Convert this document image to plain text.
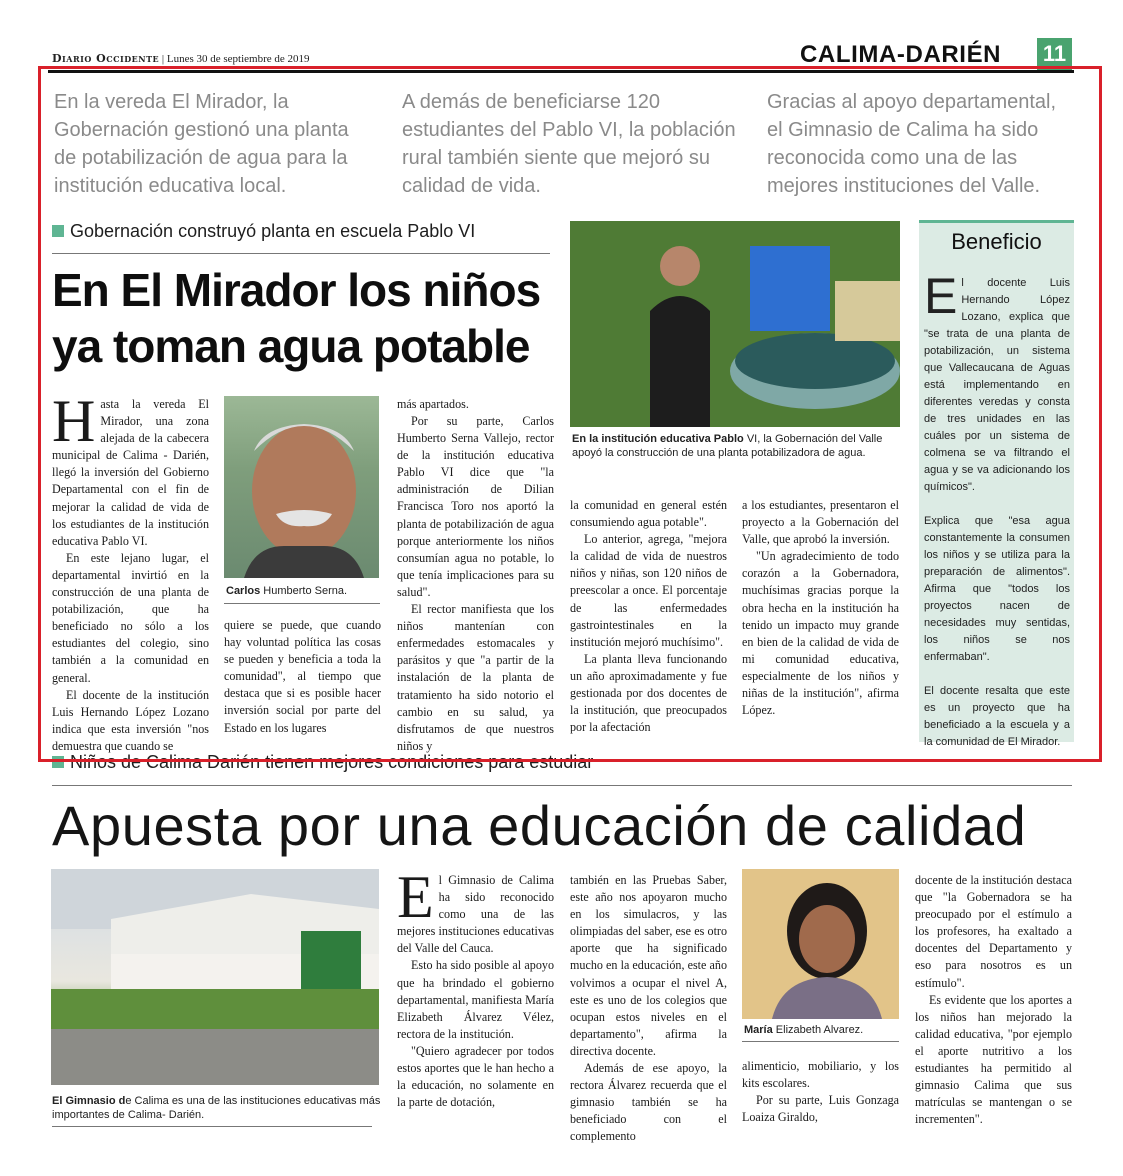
Diario Occidente | Lunes 30 de septiembre de 2019	CALIMA-DARIÉN 11
En la vereda El Mirador, la Gobernación gestionó una planta de potabilización de agua para la institución educativa local.
A demás de beneficiarse 120 estudiantes del Pablo VI, la población rural también siente que mejoró su calidad de vida.
Gracias al apoyo departamental, el Gimnasio de Calima ha sido reconocida como una de las mejores instituciones del Valle.
Gobernación construyó planta en escuela Pablo VI
En El Mirador los niños ya toman agua potable

Hasta la vereda El Mirador, una zona alejada de la cabecera municipal de Calima - Darién, llegó la inversión del Gobierno Departamental con el fin de mejorar la calidad de vida de los estudiantes de la institución educativa Pablo VI.

En este lejano lugar, el departamental invirtió en la construcción de una planta de potabilización, que ha beneficiado no sólo a los estudiantes del colegio, sino también a la comunidad en general.

El docente de la institución Luis Hernando López Lozano indica que esta inversión "nos demuestra que cuando se

Carlos Humberto Serna.

más apartados.

quiere se puede, que cuando hay voluntad política las cosas se pueden y beneficia a toda la comunidad", al tiempo que destaca que si es posible hacer inversión social por parte del Estado en los lugares

Por su parte, Carlos Humberto Serna Vallejo, rector de la institución educativa Pablo VI dice que "la administración de Dilian Francisca Toro nos aportó la planta de potabilización de agua porque anteriormente los niños consumían agua no potable, lo que tenía implicaciones para su salud".

El rector manifiesta que los niños mantenían con enfermedades estomacales y parásitos y que "a partir de la instalación de la planta de tratamiento ha sido notorio el cambio en su salud, ya disfrutamos de que nuestros niños y

En la institución educativa Pablo VI, la Gobernación del Valle apoyó la construcción de una planta potabilizadora de agua.

la comunidad en general estén consumiendo agua potable".

Lo anterior, agrega, "mejora la calidad de vida de nuestros niños y niñas, son 120 niños de preescolar a once. El porcentaje de las enfermedades gastrointestinales en la institución mejoró muchísimo".

La planta lleva funcionando un año aproximadamente y fue gestionada por dos docentes de la institución, que preocupados por la afectación

a los estudiantes, presentaron el proyecto a la Gobernación del Valle, que aprobó la inversión.

"Un agradecimiento de todo corazón a la Gobernadora, muchísimas gracias porque la obra hecha en la institución ha tenido un impacto muy grande en bien de la calidad de vida de mi comunidad educativa, especialmente de los niños y niñas de la institución", afirma López.

Beneficio

El docente Luis Hernando López Lozano, explica que "se trata de una planta de potabilización, un sistema que Vallecaucana de Aguas está implementando en diferentes veredas y consta de tres unidades en las cuáles por un sistema de colmena se va filtrando el agua y se va adicionando los químicos".

Explica que "esa agua constantemente la consumen los niños y se utiliza para la preparación de alimentos". Afirma que "todos los proyectos nacen de necesidades muy sentidas, los niños se nos enfermaban".

El docente resalta que este es un proyecto que ha beneficiado a la escuela y a la comunidad de El Mirador.

Niños de Calima Darién tienen mejores condiciones para estudiar
Apuesta por una educación de calidad
El Gimnasio de Calima es una de las instituciones educativas más importantes de Calima- Darién.

El Gimnasio de Calima ha sido reconocido como una de las mejores instituciones educativas del Valle del Cauca.

Esto ha sido posible al apoyo que ha brindado el gobierno departamental, manifiesta María Elizabeth Álvarez Vélez, rectora de la institución.

"Quiero agradecer por todos estos aportes que le han hecho a la educación, no solamente en la parte de dotación,

también en las Pruebas Saber, este año nos apoyaron mucho en los simulacros, y las olimpiadas del saber, ese es otro aporte que ha significado mucho en la educación, este año volvimos a ocupar el nivel A, este es uno de los colegios que ocupan estos niveles en el departamento", afirma la directiva docente.

Además de ese apoyo, la rectora Álvarez recuerda que el gimnasio también se ha beneficiado con el complemento

María Elizabeth Alvarez.

alimenticio, mobiliario, y los kits escolares.

Por su parte, Luis Gonzaga Loaiza Giraldo,

docente de la institución destaca que "la Gobernadora se ha preocupado por el estímulo a los profesores, ha exaltado a docentes del Departamento y eso para nosotros es un estímulo".

Es evidente que los aportes a los niños han mejorado la calidad educativa, "por ejemplo el aporte nutritivo a los estudiantes ha permitido al gimnasio Calima que sus matrículas se mantengan o se incrementen".
